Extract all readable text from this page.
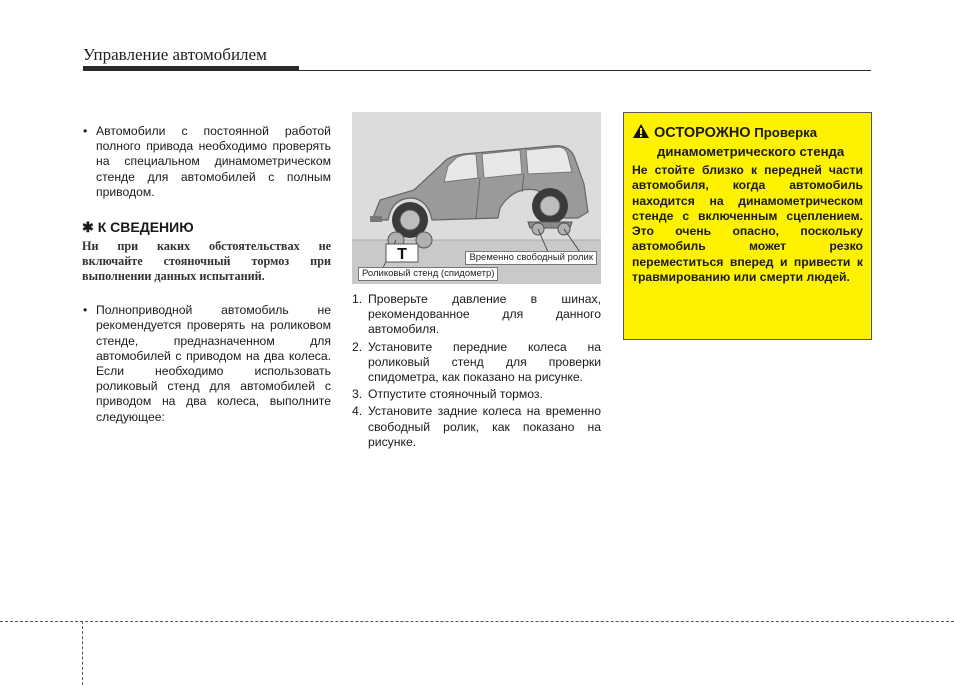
Управление автомобилем
• Автомобили с постоянной работой полного привода необходимо проверять на специальном динамометрическом стенде для автомобилей с полным приводом.
✱ К СВЕДЕНИЮ
Ни при каких обстоятельствах не включайте стояночный тормоз при выполнении данных испытаний.
• Полноприводной автомобиль не рекомендуется проверять на роликовом стенде, предназначенном для автомобилей с приводом на два колеса. Если необходимо использовать роликовый стенд для автомобилей с приводом на два колеса, выполните следующее:
T	Временно свободный ролик
Роликовый стенд (спидометр)
1. Проверьте давление в шинах, рекомендованное для данного автомобиля.
2. Установите передние колеса на роликовый стенд для проверки спидометра, как показано на рисунке.
3. Отпустите стояночный тормоз.
4. Установите задние колеса на временно свободный ролик, как показано на рисунке.
ОСТОРОЖНО Проверка
динамометрического стенда
Не стойте близко к передней части автомобиля, когда автомобиль находится на динамометрическом стенде с включенным сцеплением. Это очень опасно, поскольку автомобиль может резко переместиться вперед и привести к травмированию или смерти людей.
